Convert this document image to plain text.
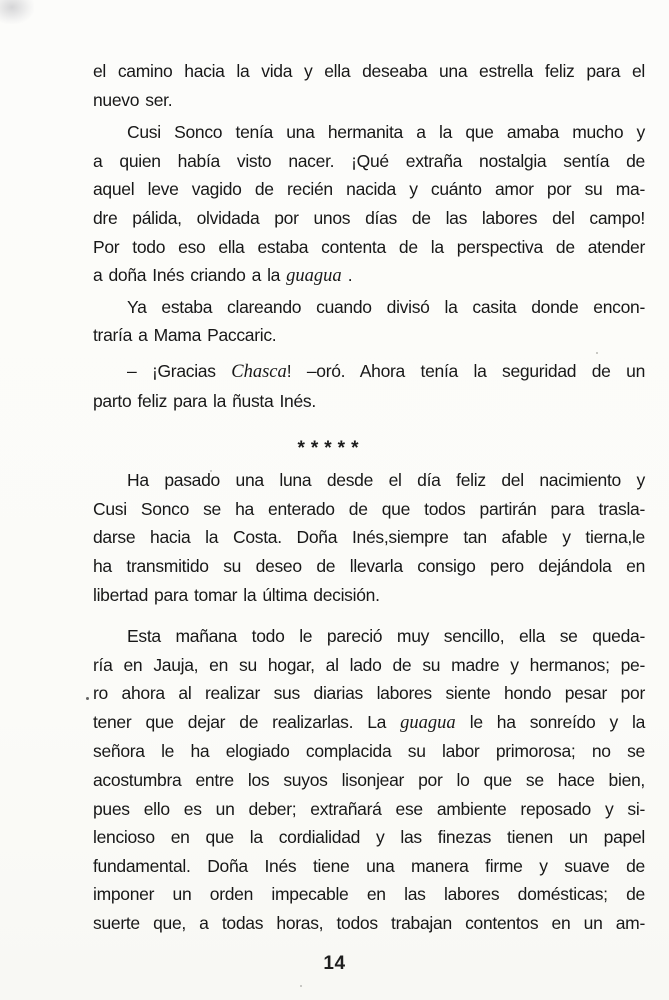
el camino hacia la vida y ella deseaba una estrella feliz para el
nuevo ser.
Cusi Sonco tenía una hermanita a la que amaba mucho y
a quien había visto nacer. ¡Qué extraña nostalgia sentía de
aquel leve vagido de recién nacida y cuánto amor por su ma-
dre pálida, olvidada por unos días de las labores del campo!
Por todo eso ella estaba contenta de la perspectiva de atender
a doña Inés criando a la guagua .
Ya estaba clareando cuando divisó la casita donde encon-
traría a Mama Paccaric.
– ¡Gracias Chasca! –oró. Ahora tenía la seguridad de un
parto feliz para la ñusta Inés.
*****
Ha pasado una luna desde el día feliz del nacimiento y
Cusi Sonco se ha enterado de que todos partirán para trasla-
darse hacia la Costa. Doña Inés,siempre tan afable y tierna,le
ha transmitido su deseo de llevarla consigo pero dejándola en
libertad para tomar la última decisión.
Esta mañana todo le pareció muy sencillo, ella se queda-
ría en Jauja, en su hogar, al lado de su madre y hermanos; pe-
ro ahora al realizar sus diarias labores siente hondo pesar por
tener que dejar de realizarlas. La guagua le ha sonreído y la
señora le ha elogiado complacida su labor primorosa; no se
acostumbra entre los suyos lisonjear por lo que se hace bien,
pues ello es un deber; extrañará ese ambiente reposado y si-
lencioso en que la cordialidad y las finezas tienen un papel
fundamental. Doña Inés tiene una manera firme y suave de
imponer un orden impecable en las labores domésticas; de
suerte que, a todas horas, todos trabajan contentos en un am-
14
